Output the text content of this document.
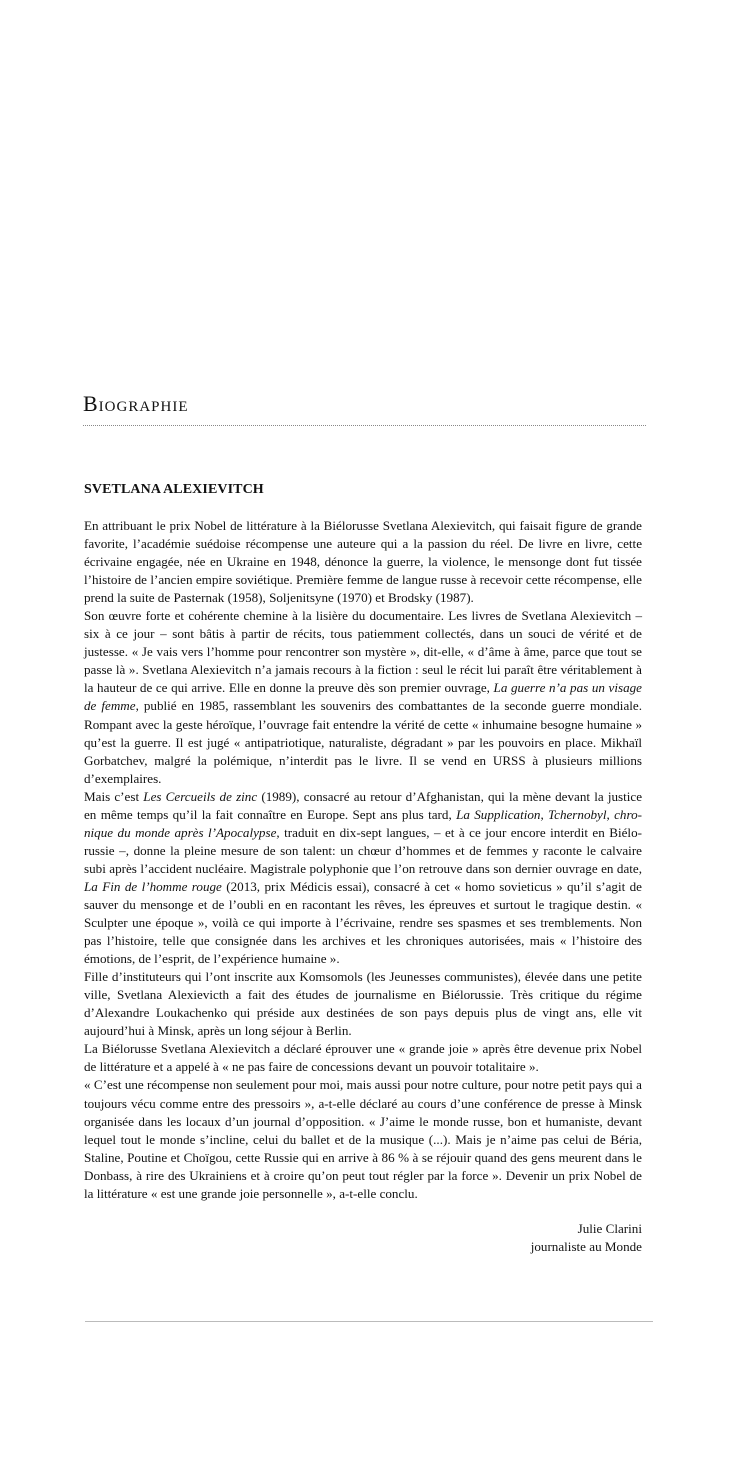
Biographie
SVETLANA ALEXIEVITCH

En attribuant le prix Nobel de littérature à la Biélorusse Svetlana Alexievitch, qui faisait figure de grande favorite, l’académie suédoise récompense une auteure qui a la passion du réel. De livre en livre, cette écrivaine engagée, née en Ukraine en 1948, dénonce la guerre, la violence, le mensonge dont fut tissée l’histoire de l’ancien empire soviétique. Première femme de langue russe à recevoir cette récompense, elle prend la suite de Pasternak (1958), Soljenitsyne (1970) et Brodsky (1987).

Son œuvre forte et cohérente chemine à la lisière du documentaire. Les livres de Svetlana Alexievitch – six à ce jour – sont bâtis à partir de récits, tous patiemment collectés, dans un souci de vérité et de justesse. « Je vais vers l’homme pour rencontrer son mystère », dit-elle, « d’âme à âme, parce que tout se passe là ». Svetlana Alexievitch n’a jamais recours à la fiction : seul le récit lui paraît être véritablement à la hauteur de ce qui arrive. Elle en donne la preuve dès son premier ouvrage, La guerre n’a pas un visage de femme, publié en 1985, rassemblant les souvenirs des combattantes de la seconde guerre mondiale. Rompant avec la geste héroïque, l’ouvrage fait entendre la vérité de cette « inhumaine besogne humaine » qu’est la guerre. Il est jugé « antipatriotique, naturaliste, dégradant » par les pouvoirs en place. Mikhaïl Gorbatchev, malgré la polémique, n’interdit pas le livre. Il se vend en URSS à plusieurs millions d’exemplaires.

Mais c’est Les Cercueils de zinc (1989), consacré au retour d’Afghanistan, qui la mène devant la justice en même temps qu’il la fait connaître en Europe. Sept ans plus tard, La Supplication, Tchernobyl, chronique du monde après l’Apocalypse, traduit en dix-sept langues, – et à ce jour encore interdit en Biélorussie –, donne la pleine mesure de son talent: un chœur d’hommes et de femmes y raconte le calvaire subi après l’accident nucléaire. Magistrale polyphonie que l’on retrouve dans son dernier ouvrage en date, La Fin de l’homme rouge (2013, prix Médicis essai), consacré à cet « homo sovieticus » qu’il s’agit de sauver du mensonge et de l’oubli en en racontant les rêves, les épreuves et surtout le tragique destin. « Sculpter une époque », voilà ce qui importe à l’écrivaine, rendre ses spasmes et ses tremblements. Non pas l’histoire, telle que consignée dans les archives et les chroniques autorisées, mais « l’histoire des émotions, de l’esprit, de l’expérience humaine ».

Fille d’instituteurs qui l’ont inscrite aux Komsomols (les Jeunesses communistes), élevée dans une petite ville, Svetlana Alexievicth a fait des études de journalisme en Biélorussie. Très critique du régime d’Alexandre Loukachenko qui préside aux destinées de son pays depuis plus de vingt ans, elle vit aujourd’hui à Minsk, après un long séjour à Berlin.

La Biélorusse Svetlana Alexievitch a déclaré éprouver une « grande joie » après être devenue prix Nobel de littérature et a appelé à « ne pas faire de concessions devant un pouvoir totalitaire ».

« C’est une récompense non seulement pour moi, mais aussi pour notre culture, pour notre petit pays qui a toujours vécu comme entre des pressoirs », a-t-elle déclaré au cours d’une conférence de presse à Minsk organisée dans les locaux d’un journal d’opposition. « J’aime le monde russe, bon et humaniste, devant lequel tout le monde s’incline, celui du ballet et de la musique (...). Mais je n’aime pas celui de Béria, Staline, Poutine et Choïgou, cette Russie qui en arrive à 86 % à se réjouir quand des gens meurent dans le Donbass, à rire des Ukrainiens et à croire qu’on peut tout régler par la force ». Devenir un prix Nobel de la littérature « est une grande joie personnelle », a-t-elle conclu.

Julie Clarini
journaliste au Monde
